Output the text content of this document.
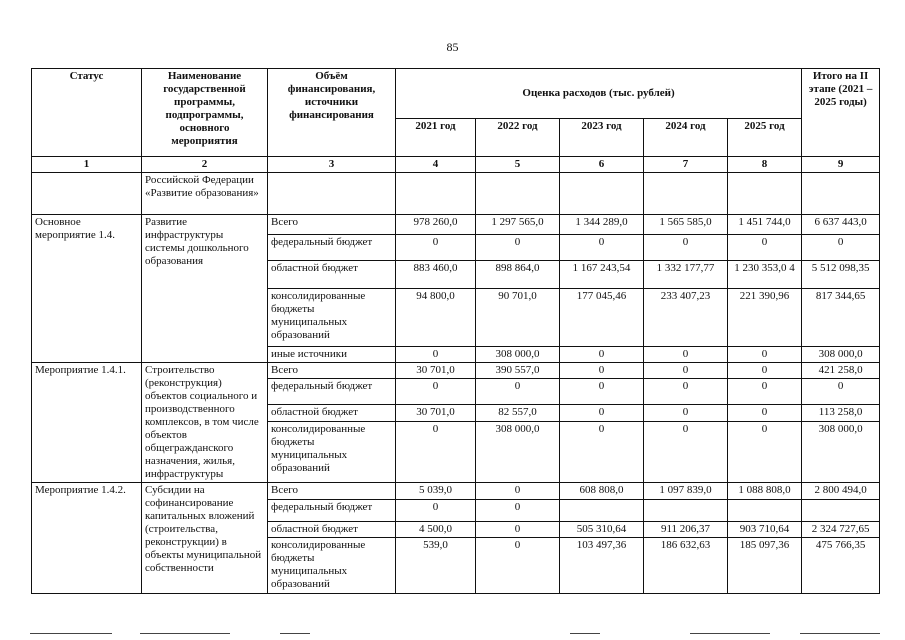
85
Статус	Наименование государственной программы, подпрограммы, основного мероприятия	Объём финансирования, источники финансирования	Оценка расходов (тыс. рублей)					Итого на II этапе (2021 – 2025 годы)
			2021 год	2022 год	2023 год	2024 год	2025 год	
1	2	3	4	5	6	7	8	9
	Российской Федерации «Развитие образования»							
Основное мероприятие 1.4.	Развитие инфраструктуры системы дошкольного образования	Всего	978 260,0	1 297 565,0	1 344 289,0	1 565 585,0	1 451 744,0	6 637 443,0
		федеральный бюджет	0	0	0	0	0	0
		областной бюджет	883 460,0	898 864,0	1 167 243,54	1 332 177,77	1 230 353,0 4	5 512 098,35
		консолидированные бюджеты муниципальных образований	94 800,0	90 701,0	177 045,46	233 407,23	221 390,96	817 344,65
		иные источники	0	308 000,0	0	0	0	308 000,0
Мероприятие 1.4.1.	Строительство (реконструкция) объектов социального и производственного комплексов, в том числе объектов общегражданского назначения, жилья, инфраструктуры	Всего	30 701,0	390 557,0	0	0	0	421 258,0
		федеральный бюджет	0	0	0	0	0	0
		областной бюджет	30 701,0	82 557,0	0	0	0	113 258,0
		консолидированные бюджеты муниципальных образований	0	308 000,0	0	0	0	308 000,0
Мероприятие 1.4.2.	Субсидии на софинансирование капитальных вложений (строительства, реконструкции) в объекты муниципальной собственности	Всего	5 039,0	0	608 808,0	1 097 839,0	1 088 808,0	2 800 494,0
		федеральный бюджет	0	0				
		областной бюджет	4 500,0	0	505 310,64	911 206,37	903 710,64	2 324 727,65
		консолидированные бюджеты муниципальных образований	539,0	0	103 497,36	186 632,63	185 097,36	475 766,35
